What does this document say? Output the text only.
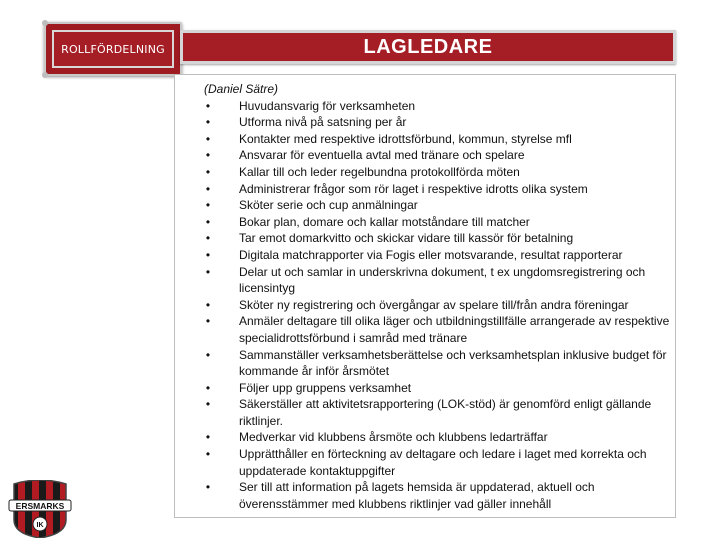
ROLLFÖRDELNING	LAGLEDARE
(Daniel Sätre)
• Huvudansvarig för verksamheten
• Utforma nivå på satsning per år
• Kontakter med respektive idrottsförbund, kommun, styrelse mfl
• Ansvarar för eventuella avtal med tränare och spelare
• Kallar till och leder regelbundna protokollförda möten
• Administrerar frågor som rör laget i respektive idrotts olika system
• Sköter serie och cup anmälningar
• Bokar plan, domare och kallar motståndare till matcher
• Tar emot domarkvitto och skickar vidare till kassör för betalning
• Digitala matchrapporter via Fogis eller motsvarande, resultat rapporterar
• Delar ut och samlar in underskrivna dokument, t ex ungdomsregistrering och licensintyg
• Sköter ny registrering och övergångar av spelare till/från andra föreningar
• Anmäler deltagare till olika läger och utbildningstillfälle arrangerade av respektive specialidrottsförbund i samråd med tränare
• Sammanställer verksamhetsberättelse och verksamhetsplan inklusive budget för kommande år inför årsmötet
• Följer upp gruppens verksamhet
• Säkerställer att aktivitetsrapportering (LOK-stöd) är genomförd enligt gällande riktlinjer.
• Medverkar vid klubbens årsmöte och klubbens ledarträffar
• Upprätthåller en förteckning av deltagare och ledare i laget med korrekta och uppdaterade kontaktuppgifter
• Ser till att information på lagets hemsida är uppdaterad, aktuell och överensstämmer med klubbens riktlinjer vad gäller innehåll
ERSMARKS
IK
